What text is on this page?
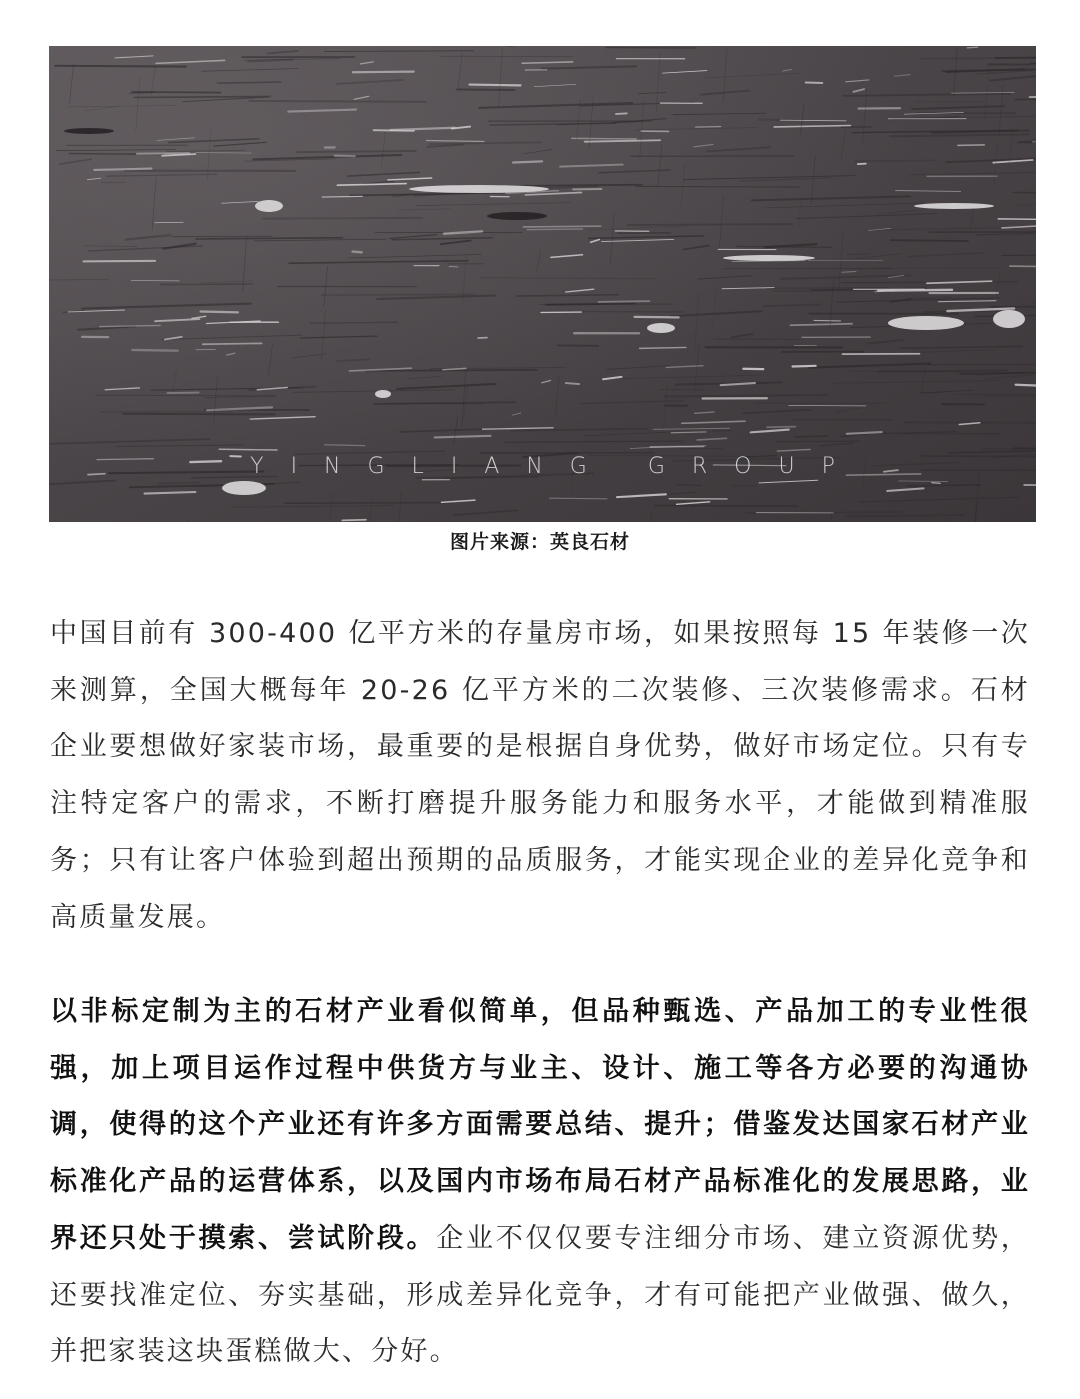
YINGLIANG GROUP
图片来源：英良石材

中国目前有 300-400 亿平方米的存量房市场，如果按照每 15 年装修一次来测算，全国大概每年 20-26 亿平方米的二次装修、三次装修需求。石材企业要想做好家装市场，最重要的是根据自身优势，做好市场定位。只有专注特定客户的需求，不断打磨提升服务能力和服务水平，才能做到精准服务；只有让客户体验到超出预期的品质服务，才能实现企业的差异化竞争和高质量发展。

以非标定制为主的石材产业看似简单，但品种甄选、产品加工的专业性很强，加上项目运作过程中供货方与业主、设计、施工等各方必要的沟通协调，使得的这个产业还有许多方面需要总结、提升；借鉴发达国家石材产业标准化产品的运营体系，以及国内市场布局石材产品标准化的发展思路，业界还只处于摸索、尝试阶段。企业不仅仅要专注细分市场、建立资源优势，还要找准定位、夯实基础，形成差异化竞争，才有可能把产业做强、做久，并把家装这块蛋糕做大、分好。
